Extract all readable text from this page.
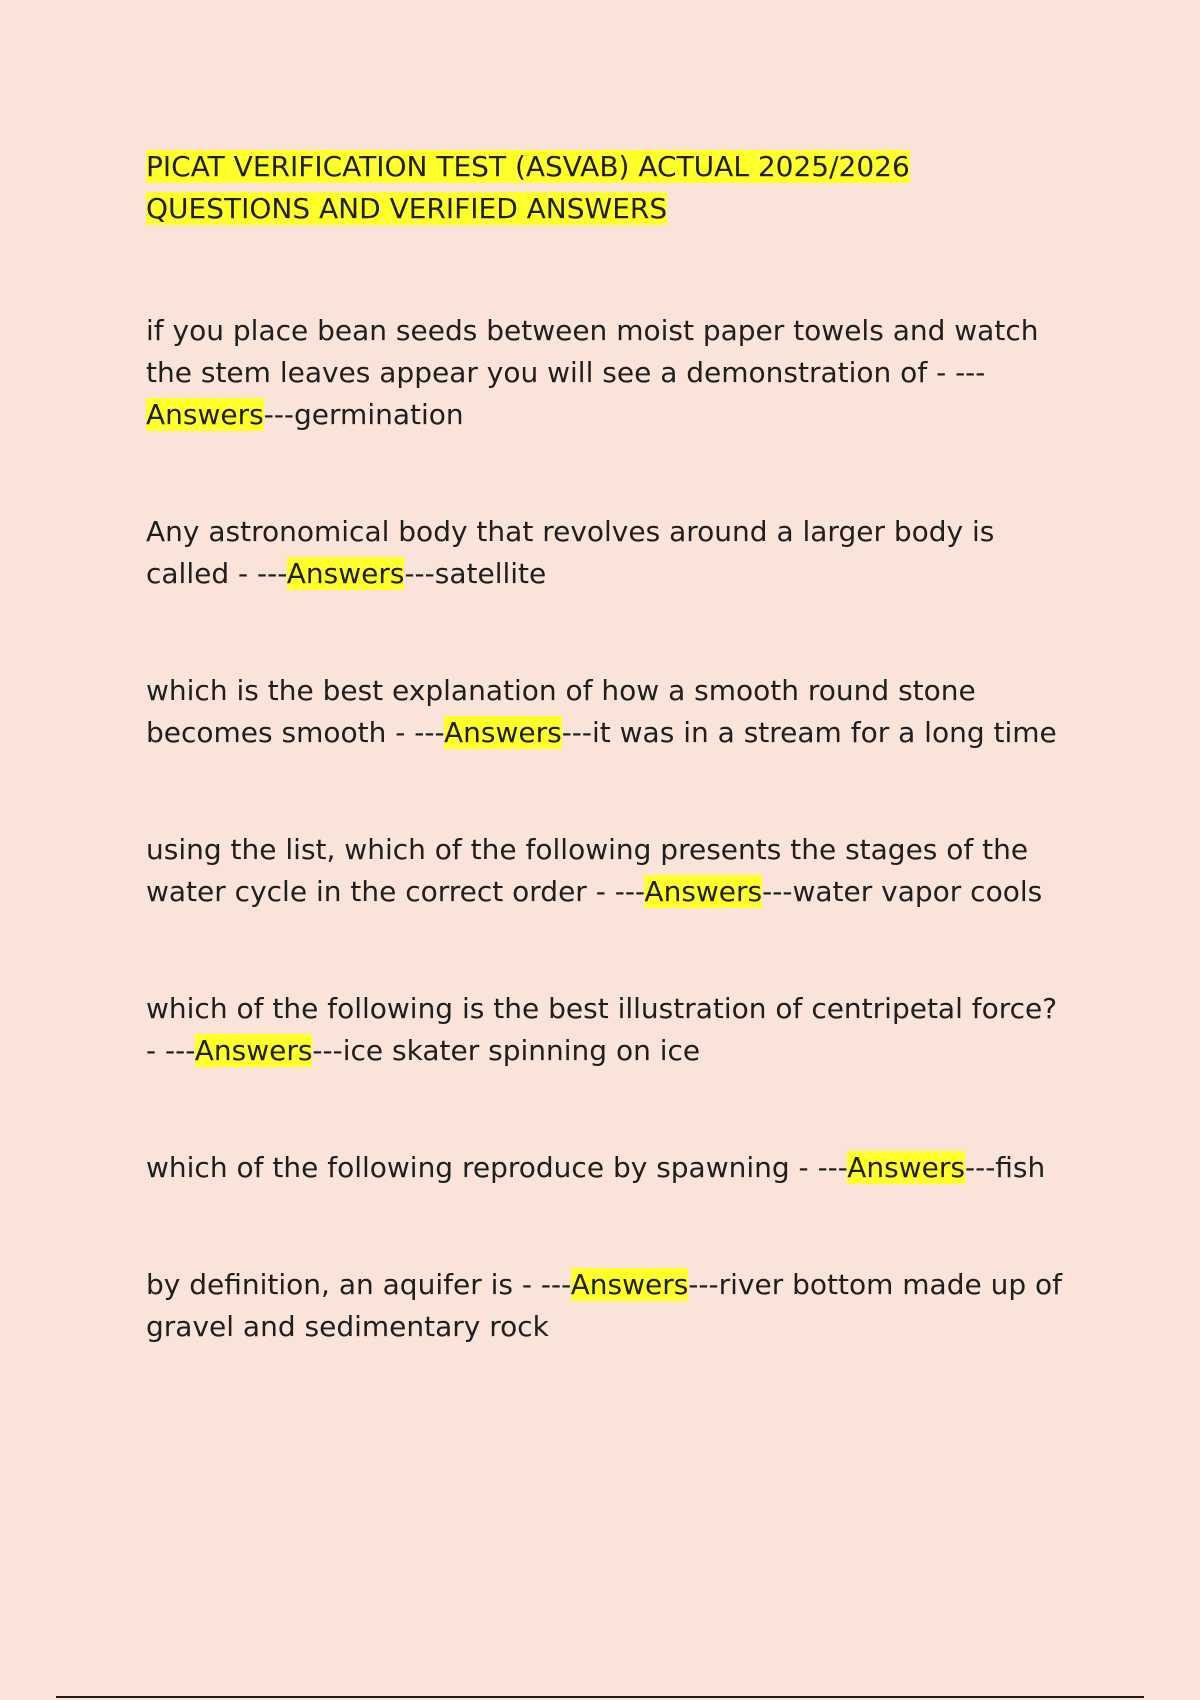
PICAT VERIFICATION TEST (ASVAB) ACTUAL 2025/2026
QUESTIONS AND VERIFIED ANSWERS

if you place bean seeds between moist paper towels and watch the stem leaves appear you will see a demonstration of - ---Answers---germination

Any astronomical body that revolves around a larger body is called - ---Answers---satellite

which is the best explanation of how a smooth round stone becomes smooth - ---Answers---it was in a stream for a long time

using the list, which of the following presents the stages of the water cycle in the correct order - ---Answers---water vapor cools

which of the following is the best illustration of centripetal force? - ---Answers---ice skater spinning on ice

which of the following reproduce by spawning - ---Answers---fish

by definition, an aquifer is - ---Answers---river bottom made up of gravel and sedimentary rock
